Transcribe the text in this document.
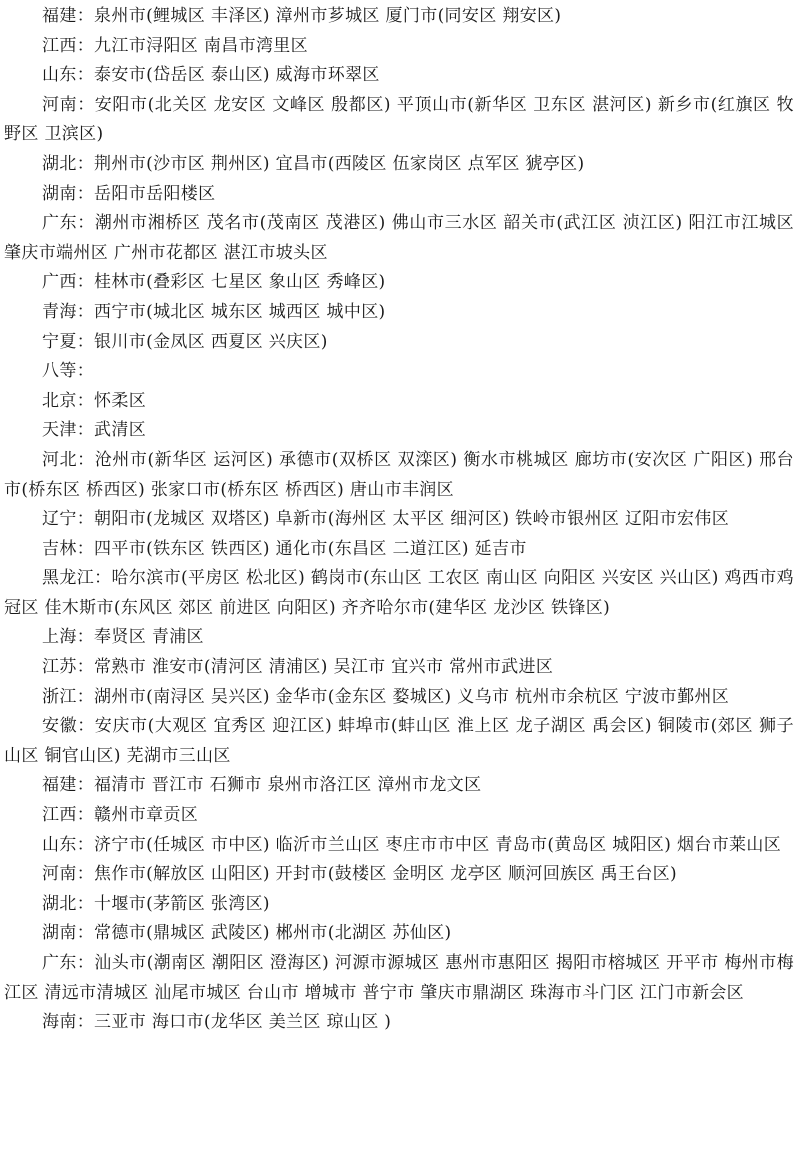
福建：泉州市(鲤城区 丰泽区) 漳州市芗城区 厦门市(同安区 翔安区)

江西：九江市浔阳区 南昌市湾里区

山东：泰安市(岱岳区 泰山区) 威海市环翠区

河南：安阳市(北关区 龙安区 文峰区 殷都区) 平顶山市(新华区 卫东区 湛河区) 新乡市(红旗区 牧野区 卫滨区)

湖北：荆州市(沙市区 荆州区) 宜昌市(西陵区 伍家岗区 点军区 猇亭区)

湖南：岳阳市岳阳楼区

广东：潮州市湘桥区 茂名市(茂南区 茂港区) 佛山市三水区 韶关市(武江区 浈江区) 阳江市江城区 肇庆市端州区 广州市花都区 湛江市坡头区

广西：桂林市(叠彩区 七星区 象山区 秀峰区)

青海：西宁市(城北区 城东区 城西区 城中区)

宁夏：银川市(金凤区 西夏区 兴庆区)

八等：

北京：怀柔区

天津：武清区

河北：沧州市(新华区 运河区) 承德市(双桥区 双滦区) 衡水市桃城区 廊坊市(安次区 广阳区) 邢台市(桥东区 桥西区) 张家口市(桥东区 桥西区) 唐山市丰润区

辽宁：朝阳市(龙城区 双塔区) 阜新市(海州区 太平区 细河区) 铁岭市银州区 辽阳市宏伟区

吉林：四平市(铁东区 铁西区) 通化市(东昌区 二道江区) 延吉市

黑龙江：哈尔滨市(平房区 松北区) 鹤岗市(东山区 工农区 南山区 向阳区 兴安区 兴山区) 鸡西市鸡冠区 佳木斯市(东风区 郊区 前进区 向阳区) 齐齐哈尔市(建华区 龙沙区 铁锋区)

上海：奉贤区 青浦区

江苏：常熟市 淮安市(清河区 清浦区) 吴江市 宜兴市 常州市武进区

浙江：湖州市(南浔区 吴兴区) 金华市(金东区 婺城区) 义乌市 杭州市余杭区 宁波市鄞州区

安徽：安庆市(大观区 宜秀区 迎江区) 蚌埠市(蚌山区 淮上区 龙子湖区 禹会区) 铜陵市(郊区 狮子山区 铜官山区) 芜湖市三山区

福建：福清市 晋江市 石狮市 泉州市洛江区 漳州市龙文区

江西：赣州市章贡区

山东：济宁市(任城区 市中区) 临沂市兰山区 枣庄市市中区 青岛市(黄岛区 城阳区) 烟台市莱山区

河南：焦作市(解放区 山阳区) 开封市(鼓楼区 金明区 龙亭区 顺河回族区 禹王台区)

湖北：十堰市(茅箭区 张湾区)

湖南：常德市(鼎城区 武陵区) 郴州市(北湖区 苏仙区)

广东：汕头市(潮南区 潮阳区 澄海区) 河源市源城区 惠州市惠阳区 揭阳市榕城区 开平市 梅州市梅江区 清远市清城区 汕尾市城区 台山市 增城市 普宁市 肇庆市鼎湖区 珠海市斗门区 江门市新会区

海南：三亚市 海口市(龙华区 美兰区 琼山区 )
